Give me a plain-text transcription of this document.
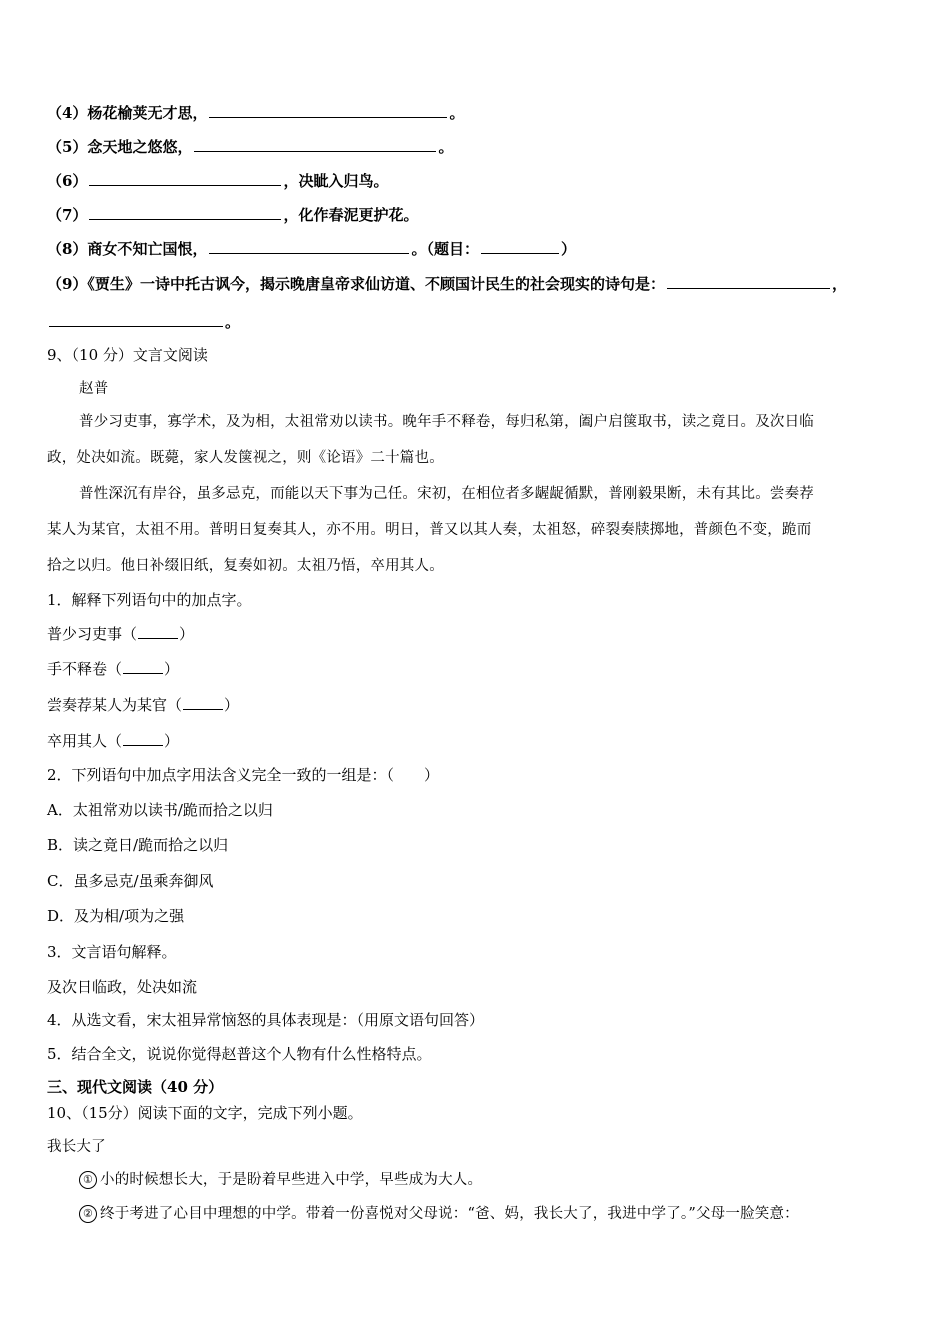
（4）杨花榆荚无才思，	。
（5）念天地之悠悠，	。
（6）	，决眦入归鸟。
（7）	，化作春泥更护花。
（8）商女不知亡国恨，	。（题目：	）
（9）《贾生》一诗中托古讽今，揭示晚唐皇帝求仙访道、不顾国计民生的社会现实的诗句是：	，
。
9、（10 分）文言文阅读
赵普
普少习吏事，寡学术，及为相，太祖常劝以读书。晚年手不释卷，每归私第，阖户启箧取书，读之竟日。及次日临
政，处决如流。既薨，家人发箧视之，则《论语》二十篇也。
普性深沉有岸谷，虽多忌克，而能以天下事为己任。宋初，在相位者多龌龊循默，普刚毅果断，未有其比。尝奏荐
某人为某官，太祖不用。普明日复奏其人，亦不用。明日，普又以其人奏，太祖怒，碎裂奏牍掷地，普颜色不变，跪而
拾之以归。他日补缀旧纸，复奏如初。太祖乃悟，卒用其人。
1．解释下列语句中的加点字。
普少习吏事（	）
手不释卷（	）
尝奏荐某人为某官（	）
卒用其人（	）
2．下列语句中加点字用法含义完全一致的一组是：（　　）
A．太祖常劝以读书/跪而拾之以归
B．读之竟日/跪而拾之以归
C．虽多忌克/虽乘奔御风
D．及为相/项为之强
3．文言语句解释。
及次日临政，处决如流
4．从选文看，宋太祖异常恼怒的具体表现是：（用原文语句回答）
5．结合全文，说说你觉得赵普这个人物有什么性格特点。
三、现代文阅读（40 分）
10、（15分）阅读下面的文字，完成下列小题。
我长大了
① 小的时候想长大，于是盼着早些进入中学，早些成为大人。
② 终于考进了心目中理想的中学。带着一份喜悦对父母说：“爸、妈，我长大了，我进中学了。”父母一脸笑意：
